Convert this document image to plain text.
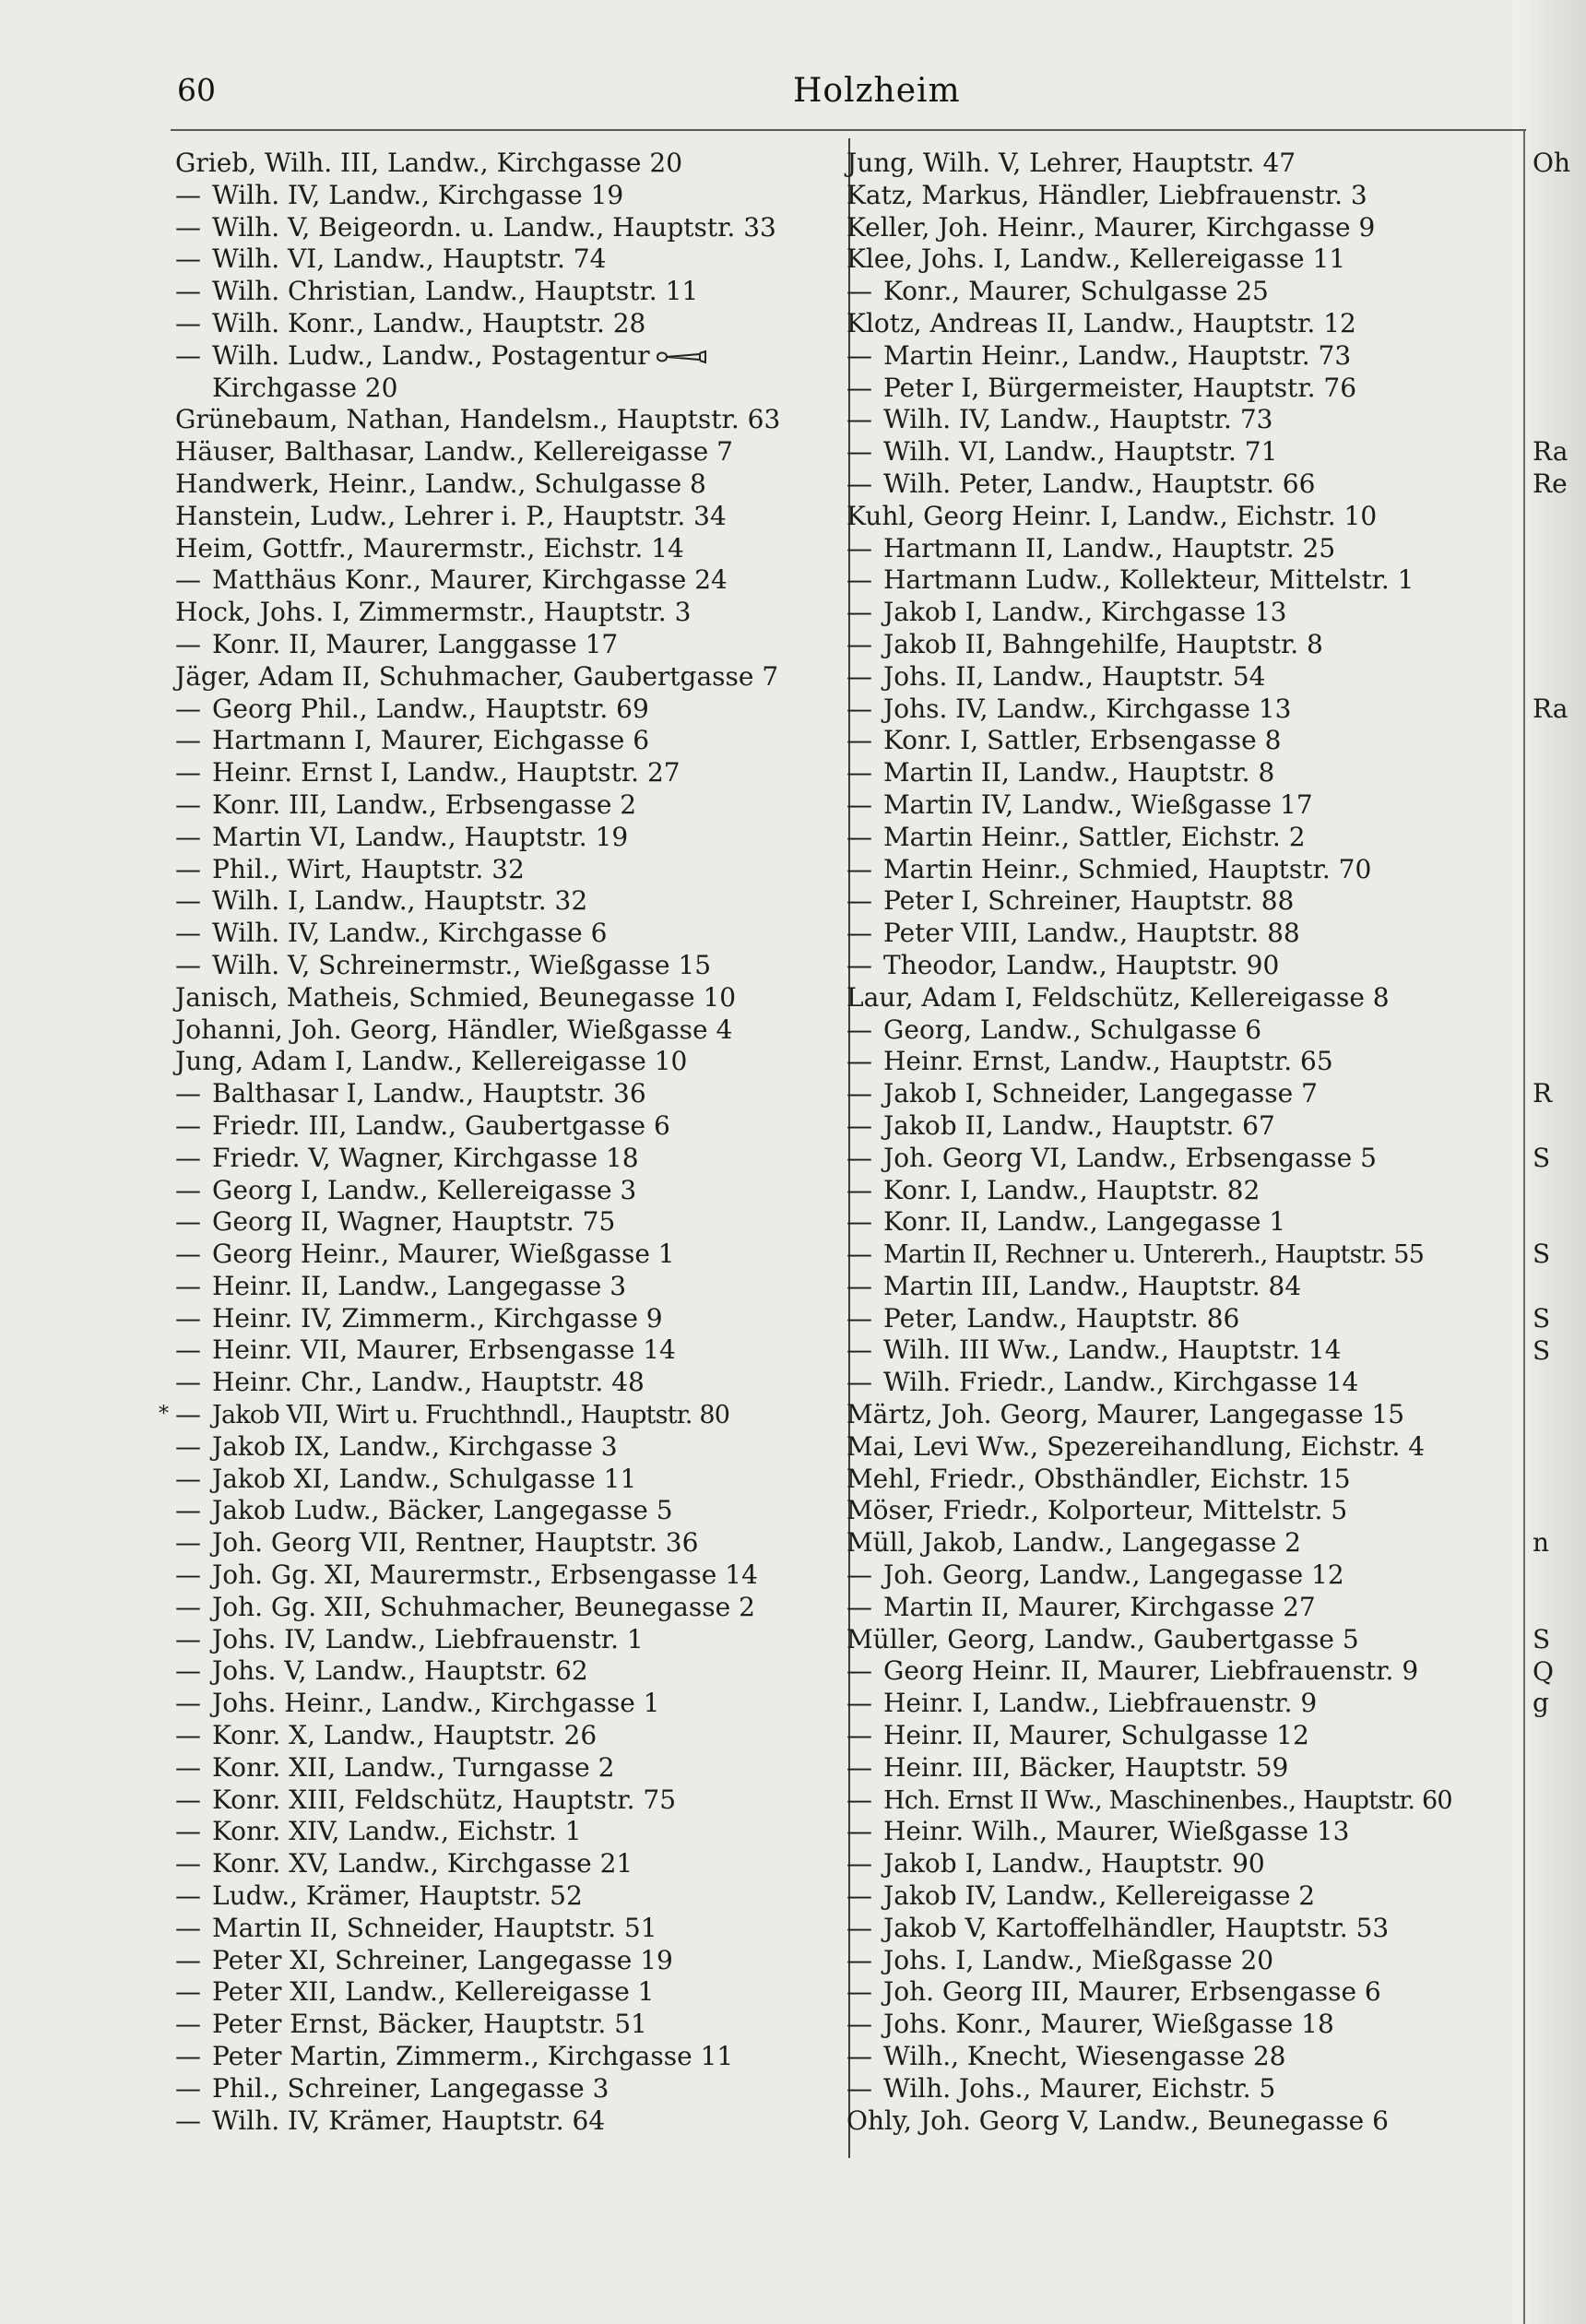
60	Holzheim
Grieb, Wilh. III, Landw., Kirchgasse 20
— Wilh. IV, Landw., Kirchgasse 19
— Wilh. V, Beigeordn. u. Landw., Hauptstr. 33
— Wilh. VI, Landw., Hauptstr. 74
— Wilh. Christian, Landw., Hauptstr. 11
— Wilh. Konr., Landw., Hauptstr. 28
— Wilh. Ludw., Landw., Postagentur
Kirchgasse 20
Grünebaum, Nathan, Handelsm., Hauptstr. 63
Häuser, Balthasar, Landw., Kellereigasse 7
Handwerk, Heinr., Landw., Schulgasse 8
Hanstein, Ludw., Lehrer i. P., Hauptstr. 34
Heim, Gottfr., Maurermstr., Eichstr. 14
— Matthäus Konr., Maurer, Kirchgasse 24
Hock, Johs. I, Zimmermstr., Hauptstr. 3
— Konr. II, Maurer, Langgasse 17
Jäger, Adam II, Schuhmacher, Gaubertgasse 7
— Georg Phil., Landw., Hauptstr. 69
— Hartmann I, Maurer, Eichgasse 6
— Heinr. Ernst I, Landw., Hauptstr. 27
— Konr. III, Landw., Erbsengasse 2
— Martin VI, Landw., Hauptstr. 19
— Phil., Wirt, Hauptstr. 32
— Wilh. I, Landw., Hauptstr. 32
— Wilh. IV, Landw., Kirchgasse 6
— Wilh. V, Schreinermstr., Wießgasse 15
Janisch, Matheis, Schmied, Beunegasse 10
Johanni, Joh. Georg, Händler, Wießgasse 4
Jung, Adam I, Landw., Kellereigasse 10
— Balthasar I, Landw., Hauptstr. 36
— Friedr. III, Landw., Gaubertgasse 6
— Friedr. V, Wagner, Kirchgasse 18
— Georg I, Landw., Kellereigasse 3
— Georg II, Wagner, Hauptstr. 75
— Georg Heinr., Maurer, Wießgasse 1
— Heinr. II, Landw., Langegasse 3
— Heinr. IV, Zimmerm., Kirchgasse 9
— Heinr. VII, Maurer, Erbsengasse 14
— Heinr. Chr., Landw., Hauptstr. 48
* — Jakob VII, Wirt u. Fruchthndl., Hauptstr. 80
— Jakob IX, Landw., Kirchgasse 3
— Jakob XI, Landw., Schulgasse 11
— Jakob Ludw., Bäcker, Langegasse 5
— Joh. Georg VII, Rentner, Hauptstr. 36
— Joh. Gg. XI, Maurermstr., Erbsengasse 14
— Joh. Gg. XII, Schuhmacher, Beunegasse 2
— Johs. IV, Landw., Liebfrauenstr. 1
— Johs. V, Landw., Hauptstr. 62
— Johs. Heinr., Landw., Kirchgasse 1
— Konr. X, Landw., Hauptstr. 26
— Konr. XII, Landw., Turngasse 2
— Konr. XIII, Feldschütz, Hauptstr. 75
— Konr. XIV, Landw., Eichstr. 1
— Konr. XV, Landw., Kirchgasse 21
— Ludw., Krämer, Hauptstr. 52
— Martin II, Schneider, Hauptstr. 51
— Peter XI, Schreiner, Langegasse 19
— Peter XII, Landw., Kellereigasse 1
— Peter Ernst, Bäcker, Hauptstr. 51
— Peter Martin, Zimmerm., Kirchgasse 11
— Phil., Schreiner, Langegasse 3
— Wilh. IV, Krämer, Hauptstr. 64
Jung, Wilh. V, Lehrer, Hauptstr. 47
Katz, Markus, Händler, Liebfrauenstr. 3
Keller, Joh. Heinr., Maurer, Kirchgasse 9
Klee, Johs. I, Landw., Kellereigasse 11
— Konr., Maurer, Schulgasse 25
Klotz, Andreas II, Landw., Hauptstr. 12
— Martin Heinr., Landw., Hauptstr. 73
— Peter I, Bürgermeister, Hauptstr. 76
— Wilh. IV, Landw., Hauptstr. 73
— Wilh. VI, Landw., Hauptstr. 71
— Wilh. Peter, Landw., Hauptstr. 66
Kuhl, Georg Heinr. I, Landw., Eichstr. 10
— Hartmann II, Landw., Hauptstr. 25
— Hartmann Ludw., Kollekteur, Mittelstr. 1
— Jakob I, Landw., Kirchgasse 13
— Jakob II, Bahngehilfe, Hauptstr. 8
— Johs. II, Landw., Hauptstr. 54
— Johs. IV, Landw., Kirchgasse 13
— Konr. I, Sattler, Erbsengasse 8
— Martin II, Landw., Hauptstr. 8
— Martin IV, Landw., Wießgasse 17
— Martin Heinr., Sattler, Eichstr. 2
— Martin Heinr., Schmied, Hauptstr. 70
— Peter I, Schreiner, Hauptstr. 88
— Peter VIII, Landw., Hauptstr. 88
— Theodor, Landw., Hauptstr. 90
Laur, Adam I, Feldschütz, Kellereigasse 8
— Georg, Landw., Schulgasse 6
— Heinr. Ernst, Landw., Hauptstr. 65
— Jakob I, Schneider, Langegasse 7
— Jakob II, Landw., Hauptstr. 67
— Joh. Georg VI, Landw., Erbsengasse 5
— Konr. I, Landw., Hauptstr. 82
— Konr. II, Landw., Langegasse 1
— Martin II, Rechner u. Untererh., Hauptstr. 55
— Martin III, Landw., Hauptstr. 84
— Peter, Landw., Hauptstr. 86
— Wilh. III Ww., Landw., Hauptstr. 14
— Wilh. Friedr., Landw., Kirchgasse 14
Märtz, Joh. Georg, Maurer, Langegasse 15
Mai, Levi Ww., Spezereihandlung, Eichstr. 4
Mehl, Friedr., Obsthändler, Eichstr. 15
Möser, Friedr., Kolporteur, Mittelstr. 5
Müll, Jakob, Landw., Langegasse 2
— Joh. Georg, Landw., Langegasse 12
— Martin II, Maurer, Kirchgasse 27
Müller, Georg, Landw., Gaubertgasse 5
— Georg Heinr. II, Maurer, Liebfrauenstr. 9
— Heinr. I, Landw., Liebfrauenstr. 9
— Heinr. II, Maurer, Schulgasse 12
— Heinr. III, Bäcker, Hauptstr. 59
— Hch. Ernst II Ww., Maschinenbes., Hauptstr. 60
— Heinr. Wilh., Maurer, Wießgasse 13
— Jakob I, Landw., Hauptstr. 90
— Jakob IV, Landw., Kellereigasse 2
— Jakob V, Kartoffelhändler, Hauptstr. 53
— Johs. I, Landw., Mießgasse 20
— Joh. Georg III, Maurer, Erbsengasse 6
— Johs. Konr., Maurer, Wießgasse 18
— Wilh., Knecht, Wiesengasse 28
— Wilh. Johs., Maurer, Eichstr. 5
Ohly, Joh. Georg V, Landw., Beunegasse 6
Oh
Ra
Re
Ra
R
S
S
S
S
n
S
Q
g
